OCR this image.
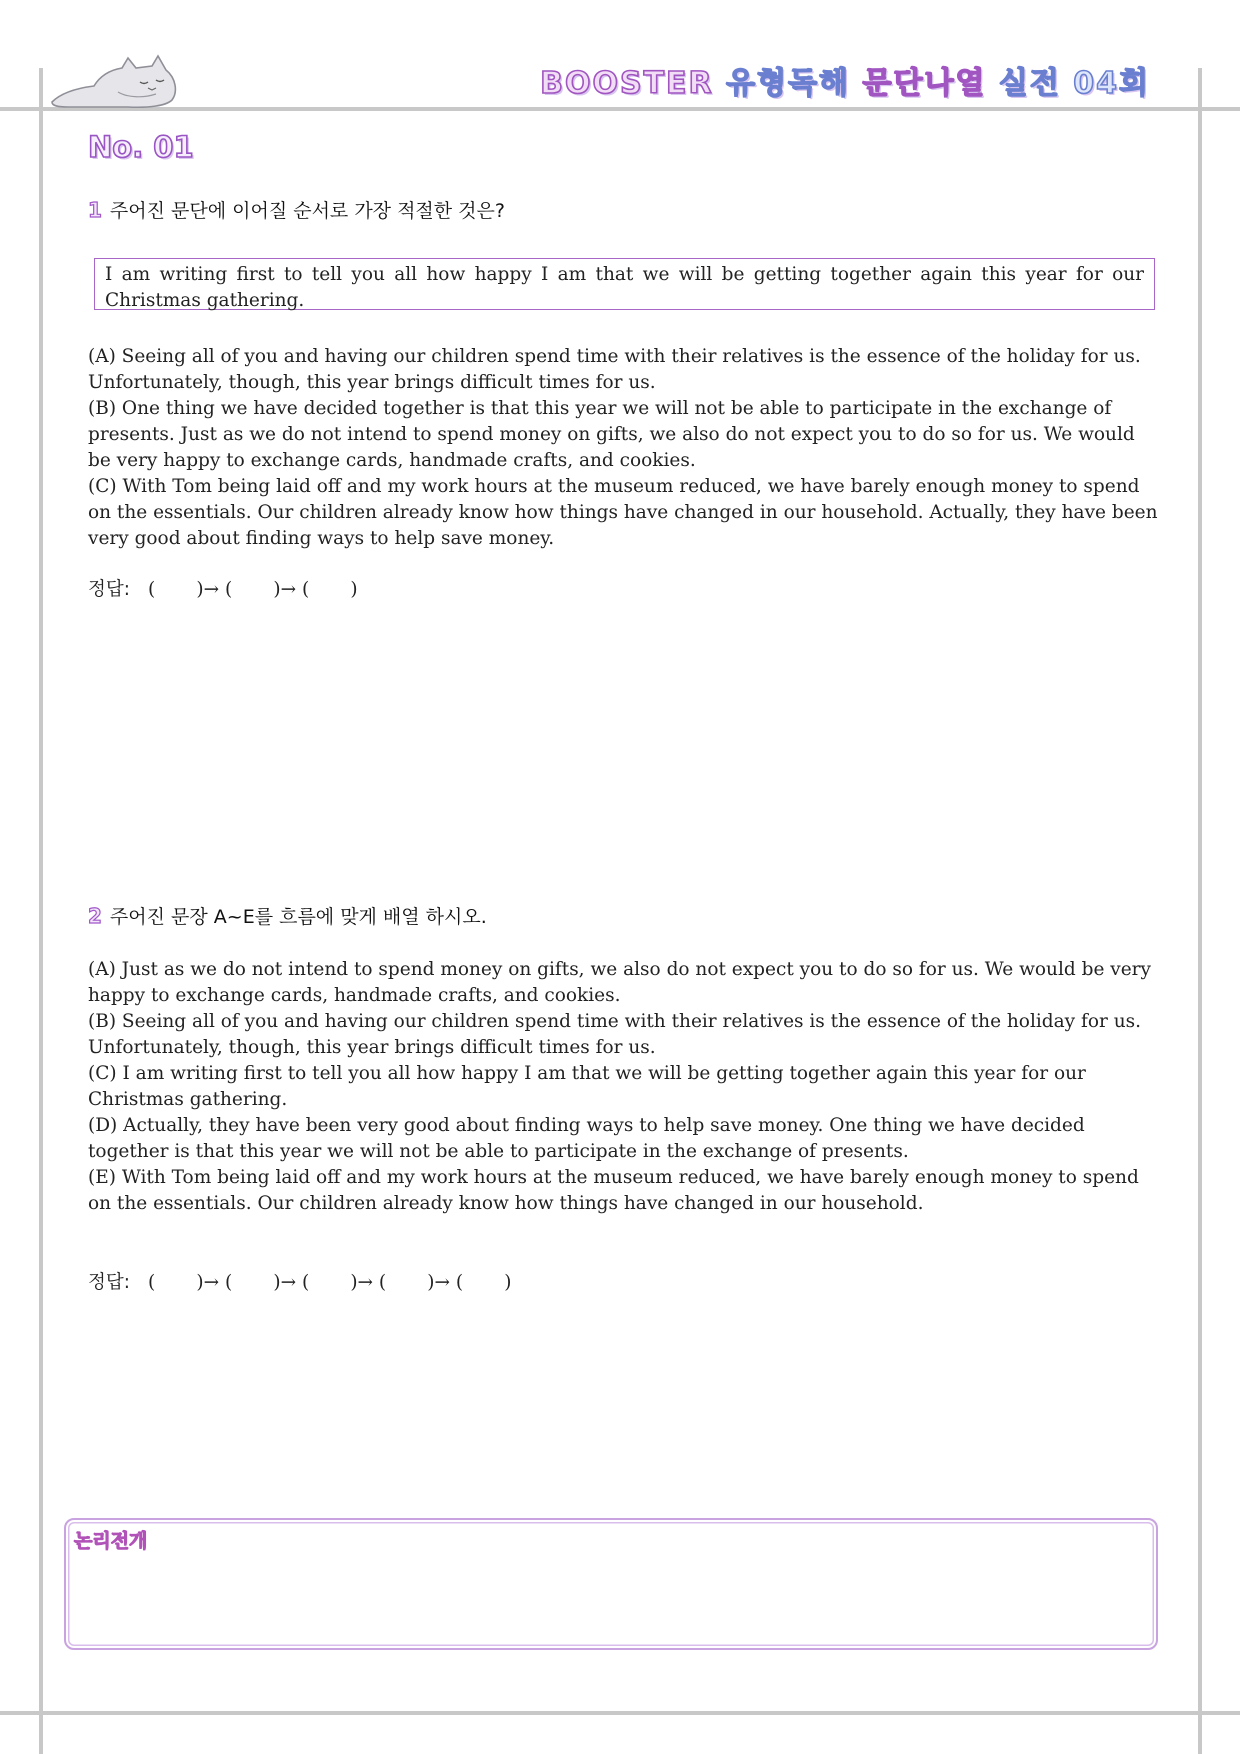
BOOSTER 유형독해 문단나열 실전 04회
No. 01
1 주어진 문단에 이어질 순서로 가장 적절한 것은?
I am writing first to tell you all how happy I am that we will be getting together again this year for our Christmas gathering.

(A) Seeing all of you and having our children spend time with their relatives is the essence of the holiday for us. Unfortunately, though, this year brings difficult times for us.

(B) One thing we have decided together is that this year we will not be able to participate in the exchange of presents. Just as we do not intend to spend money on gifts, we also do not expect you to do so for us. We would be very happy to exchange cards, handmade crafts, and cookies.

(C) With Tom being laid off and my work hours at the museum reduced, we have barely enough money to spend on the essentials. Our children already know how things have changed in our household. Actually, they have been very good about finding ways to help save money.

정답: (       )→ (       )→ (       )
2 주어진 문장 A~E를 흐름에 맞게 배열 하시오.

(A) Just as we do not intend to spend money on gifts, we also do not expect you to do so for us. We would be very happy to exchange cards, handmade crafts, and cookies.

(B) Seeing all of you and having our children spend time with their relatives is the essence of the holiday for us. Unfortunately, though, this year brings difficult times for us.

(C) I am writing first to tell you all how happy I am that we will be getting together again this year for our Christmas gathering.

(D) Actually, they have been very good about finding ways to help save money. One thing we have decided together is that this year we will not be able to participate in the exchange of presents.

(E) With Tom being laid off and my work hours at the museum reduced, we have barely enough money to spend on the essentials. Our children already know how things have changed in our household.

정답: (       )→ (       )→ (       )→ (       )→ (       )
논리전개
